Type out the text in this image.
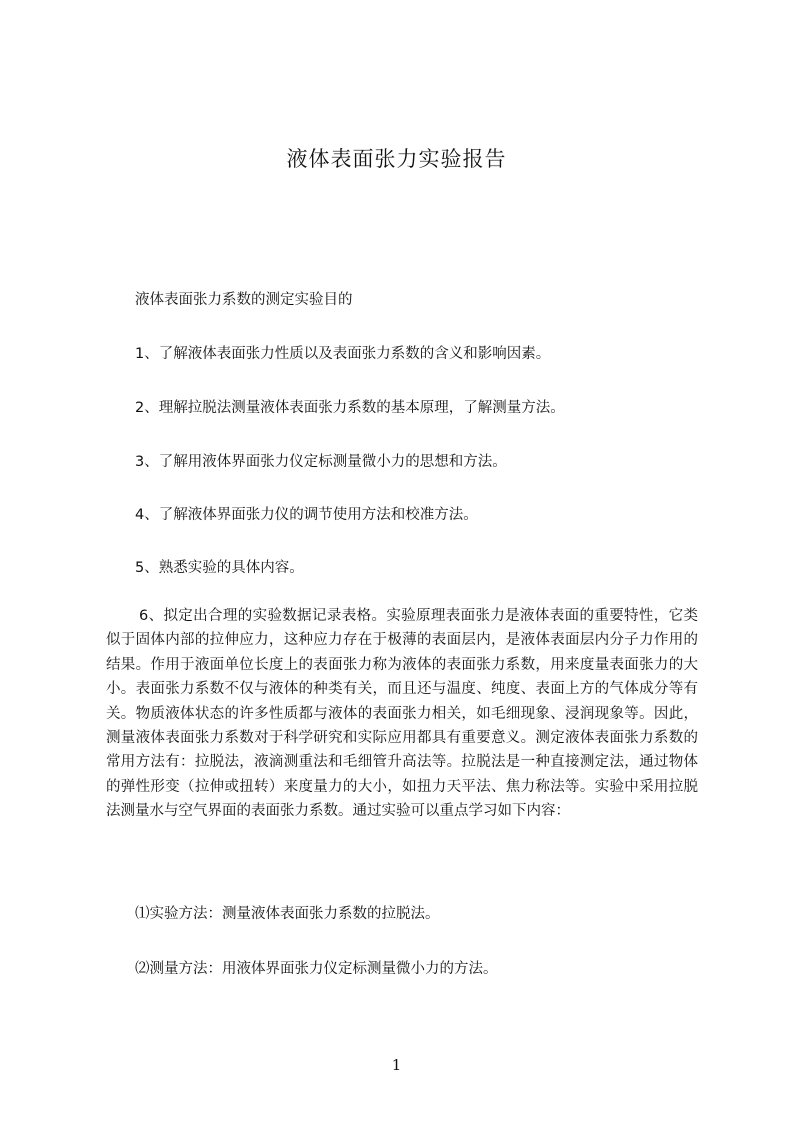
液体表面张力实验报告

液体表面张力系数的测定实验目的

1、了解液体表面张力性质以及表面张力系数的含义和影响因素。

2、理解拉脱法测量液体表面张力系数的基本原理，了解测量方法。

3、了解用液体界面张力仪定标测量微小力的思想和方法。

4、了解液体界面张力仪的调节使用方法和校准方法。

5、熟悉实验的具体内容。

6、拟定出合理的实验数据记录表格。实验原理表面张力是液体表面的重要特性，它类似于固体内部的拉伸应力，这种应力存在于极薄的表面层内，是液体表面层内分子力作用的结果。作用于液面单位长度上的表面张力称为液体的表面张力系数，用来度量表面张力的大小。表面张力系数不仅与液体的种类有关，而且还与温度、纯度、表面上方的气体成分等有关。物质液体状态的许多性质都与液体的表面张力相关，如毛细现象、浸润现象等。因此，测量液体表面张力系数对于科学研究和实际应用都具有重要意义。测定液体表面张力系数的常用方法有：拉脱法，液滴测重法和毛细管升高法等。拉脱法是一种直接测定法，通过物体的弹性形变（拉伸或扭转）来度量力的大小，如扭力天平法、焦力称法等。实验中采用拉脱法测量水与空气界面的表面张力系数。通过实验可以重点学习如下内容：

⑴实验方法：测量液体表面张力系数的拉脱法。

⑵测量方法：用液体界面张力仪定标测量微小力的方法。

1
